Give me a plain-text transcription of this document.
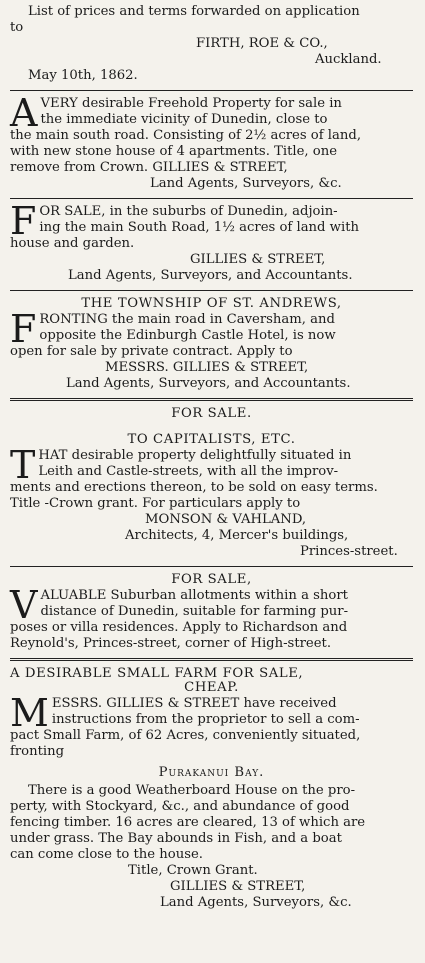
List of prices and terms forwarded on application
to
FIRTH, ROE & CO.,
Auckland.
May 10th, 1862.
A VERY desirable Freehold Property for sale in
the immediate vicinity of Dunedin, close to
the main south road. Consisting of 2½ acres of land,
with new stone house of 4 apartments. Title, one
remove from Crown. GILLIES & STREET,
Land Agents, Surveyors, &c.
F OR SALE, in the suburbs of Dunedin, adjoin-
ing the main South Road, 1½ acres of land with
house and garden.
GILLIES & STREET,
Land Agents, Surveyors, and Accountants.
THE TOWNSHIP OF ST. ANDREWS,
F RONTING the main road in Caversham, and
opposite the Edinburgh Castle Hotel, is now
open for sale by private contract. Apply to
MESSRS. GILLIES & STREET,
Land Agents, Surveyors, and Accountants.
FOR SALE.
TO CAPITALISTS, ETC.
T HAT desirable property delightfully situated in
Leith and Castle-streets, with all the improv-
ments and erections thereon, to be sold on easy terms.
Title -Crown grant. For particulars apply to
MONSON & VAHLAND,
Architects, 4, Mercer's buildings,
Princes-street.
FOR SALE,
V ALUABLE Suburban allotments within a short
distance of Dunedin, suitable for farming pur-
poses or villa residences. Apply to Richardson and
Reynold's, Princes-street, corner of High-street.
A DESIRABLE SMALL FARM FOR SALE,
CHEAP.
M ESSRS. GILLIES & STREET have received
instructions from the proprietor to sell a com-
pact Small Farm, of 62 Acres, conveniently situated,
fronting
Purakanui Bay.
There is a good Weatherboard House on the pro-
perty, with Stockyard, &c., and abundance of good
fencing timber. 16 acres are cleared, 13 of which are
under grass. The Bay abounds in Fish, and a boat
can come close to the house.
Title, Crown Grant.
GILLIES & STREET,
Land Agents, Surveyors, &c.
